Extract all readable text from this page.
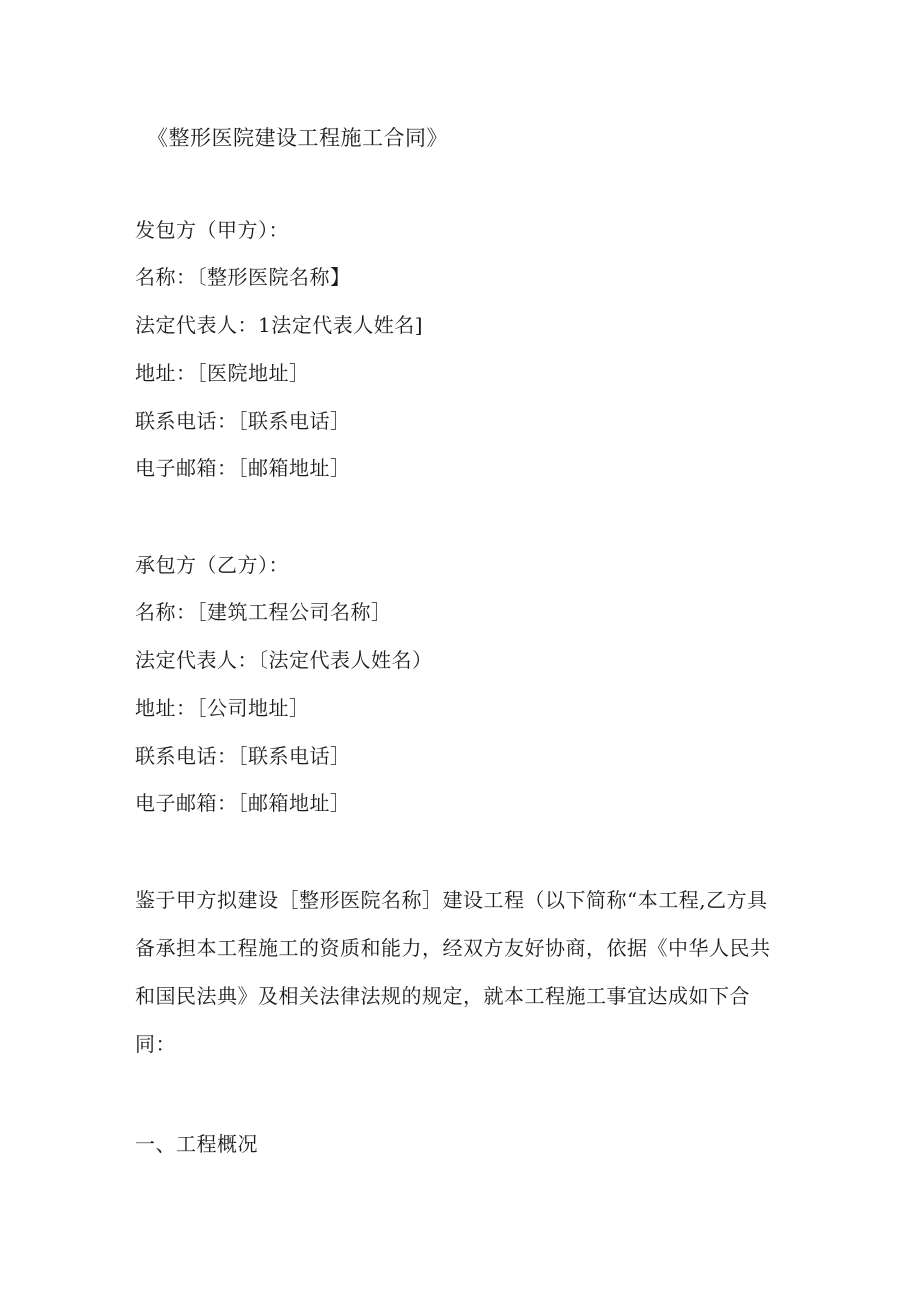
《整形医院建设工程施工合同》
发包方（甲方）：
名称：〔整形医院名称】
法定代表人：1法定代表人姓名]
地址：［医院地址］
联系电话：［联系电话］
电子邮箱：［邮箱地址］
承包方（乙方）：
名称：［建筑工程公司名称］
法定代表人：〔法定代表人姓名）
地址：［公司地址］
联系电话：［联系电话］
电子邮箱：［邮箱地址］
鉴于甲方拟建设［整形医院名称］建设工程（以下简称“本工程,乙方具
备承担本工程施工的资质和能力，经双方友好协商，依据《中华人民共
和国民法典》及相关法律法规的规定，就本工程施工事宜达成如下合
同：
一、工程概况
